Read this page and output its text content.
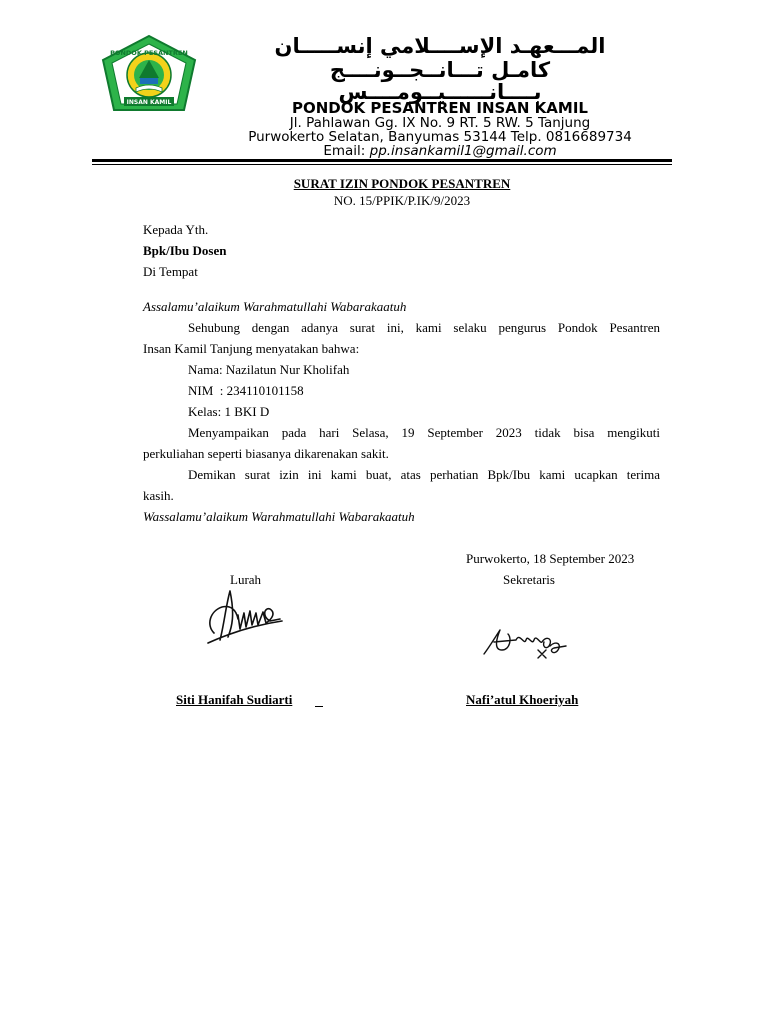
PONDOK PESANTREN
INSAN KAMIL
المـــعهـد الإســــلامي إنســـــان
كامـل تـــانــجــونــــج
بــــانــــــيــومــــس
PONDOK PESANTREN INSAN KAMIL
Jl. Pahlawan Gg. IX No. 9 RT. 5 RW. 5 Tanjung
Purwokerto Selatan, Banyumas 53144 Telp. 0816689734
Email: pp.insankamil1@gmail.com
SURAT IZIN PONDOK PESANTREN
NO. 15/PPIK/P.IK/9/2023
Kepada Yth.
Bpk/Ibu Dosen
Di Tempat
Assalamu’alaikum Warahmatullahi Wabarakaatuh
Sehubung dengan adanya surat ini, kami selaku pengurus Pondok Pesantren
Insan Kamil Tanjung menyatakan bahwa:
Nama: Nazilatun Nur Kholifah
NIM  : 234110101158
Kelas: 1 BKI D
Menyampaikan pada hari Selasa, 19 September 2023 tidak bisa mengikuti
perkuliahan seperti biasanya dikarenakan sakit.
Demikan surat izin ini kami buat, atas perhatian Bpk/Ibu kami ucapkan terima
kasih.
Wassalamu’alaikum Warahmatullahi Wabarakaatuh
Purwokerto, 18 September 2023
Lurah	Sekretaris
Siti Hanifah Sudiarti	Nafi’atul Khoeriyah
